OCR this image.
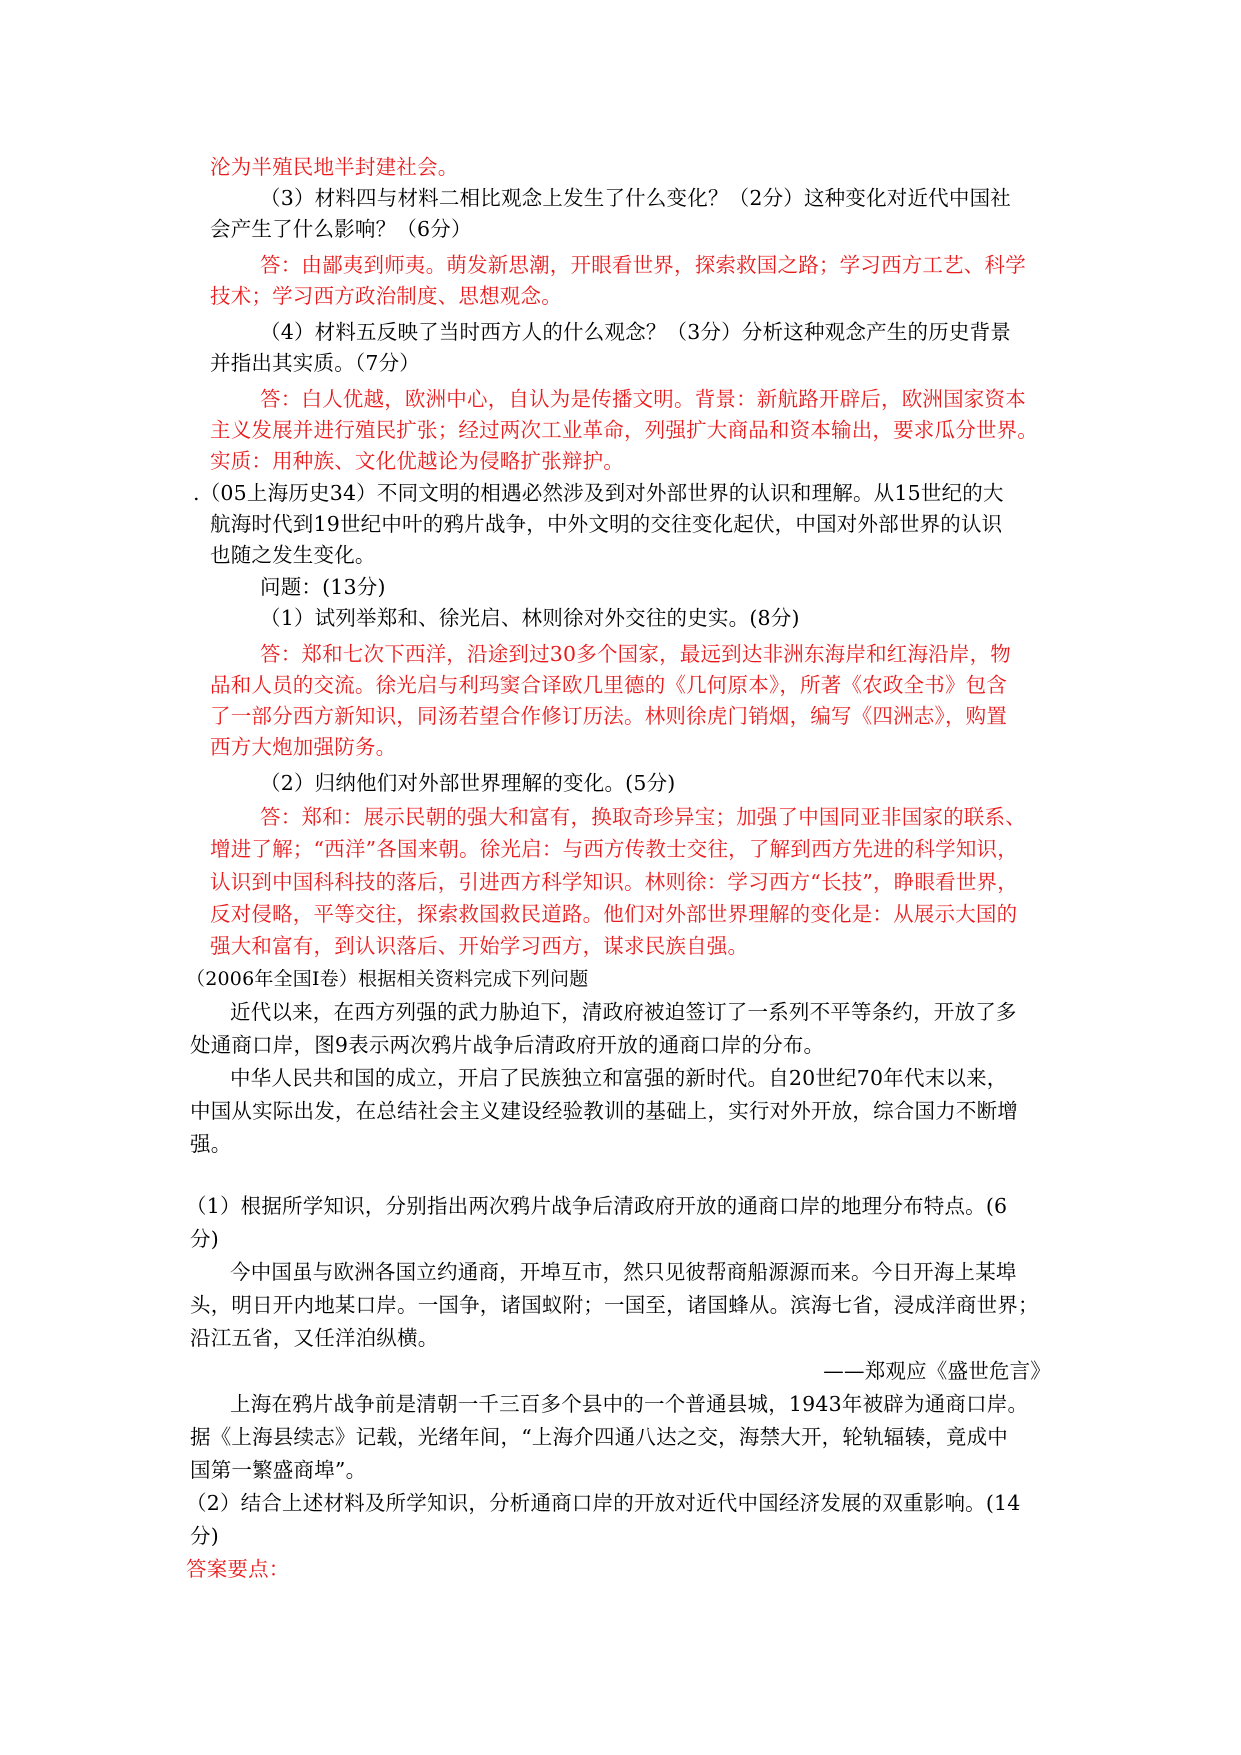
沦为半殖民地半封建社会。
（3）材料四与材料二相比观念上发生了什么变化？（2分）这种变化对近代中国社
会产生了什么影响？（6分）
答：由鄙夷到师夷。萌发新思潮，开眼看世界，探索救国之路；学习西方工艺、科学
技术；学习西方政治制度、思想观念。
（4）材料五反映了当时西方人的什么观念？（3分）分析这种观念产生的历史背景
并指出其实质。（7分）
答：白人优越，欧洲中心，自认为是传播文明。背景：新航路开辟后，欧洲国家资本
主义发展并进行殖民扩张；经过两次工业革命，列强扩大商品和资本输出，要求瓜分世界。
实质：用种族、文化优越论为侵略扩张辩护。
.（05上海历史34）不同文明的相遇必然涉及到对外部世界的认识和理解。从15世纪的大
航海时代到19世纪中叶的鸦片战争，中外文明的交往变化起伏，中国对外部世界的认识
也随之发生变化。
问题：(13分)
（1）试列举郑和、徐光启、林则徐对外交往的史实。(8分)
答：郑和七次下西洋，沿途到过30多个国家，最远到达非洲东海岸和红海沿岸，物
品和人员的交流。徐光启与利玛窦合译欧几里德的《几何原本》，所著《农政全书》包含
了一部分西方新知识，同汤若望合作修订历法。林则徐虎门销烟，编写《四洲志》，购置
西方大炮加强防务。
（2）归纳他们对外部世界理解的变化。(5分)
答：郑和：展示民朝的强大和富有，换取奇珍异宝；加强了中国同亚非国家的联系、
增进了解；“西洋”各国来朝。徐光启：与西方传教士交往，了解到西方先进的科学知识，
认识到中国科科技的落后，引进西方科学知识。林则徐：学习西方“长技”，睁眼看世界，
反对侵略，平等交往，探索救国救民道路。他们对外部世界理解的变化是：从展示大国的
强大和富有，到认识落后、开始学习西方，谋求民族自强。
（2006年全国Ⅰ卷）根据相关资料完成下列问题
近代以来，在西方列强的武力胁迫下，清政府被迫签订了一系列不平等条约，开放了多
处通商口岸，图9表示两次鸦片战争后清政府开放的通商口岸的分布。
中华人民共和国的成立，开启了民族独立和富强的新时代。自20世纪70年代末以来，
中国从实际出发，在总结社会主义建设经验教训的基础上，实行对外开放，综合国力不断增
强。
（1）根据所学知识，分别指出两次鸦片战争后清政府开放的通商口岸的地理分布特点。(6
分)
今中国虽与欧洲各国立约通商，开埠互市，然只见彼帮商船源源而来。今日开海上某埠
头，明日开内地某口岸。一国争，诸国蚁附；一国至，诸国蜂从。滨海七省，浸成洋商世界；
沿江五省，又任洋泊纵横。
——郑观应《盛世危言》
上海在鸦片战争前是清朝一千三百多个县中的一个普通县城，1943年被辟为通商口岸。
据《上海县续志》记载，光绪年间，“上海介四通八达之交，海禁大开，轮轨辐辏，竟成中
国第一繁盛商埠”。
（2）结合上述材料及所学知识，分析通商口岸的开放对近代中国经济发展的双重影响。(14
分)
答案要点：
